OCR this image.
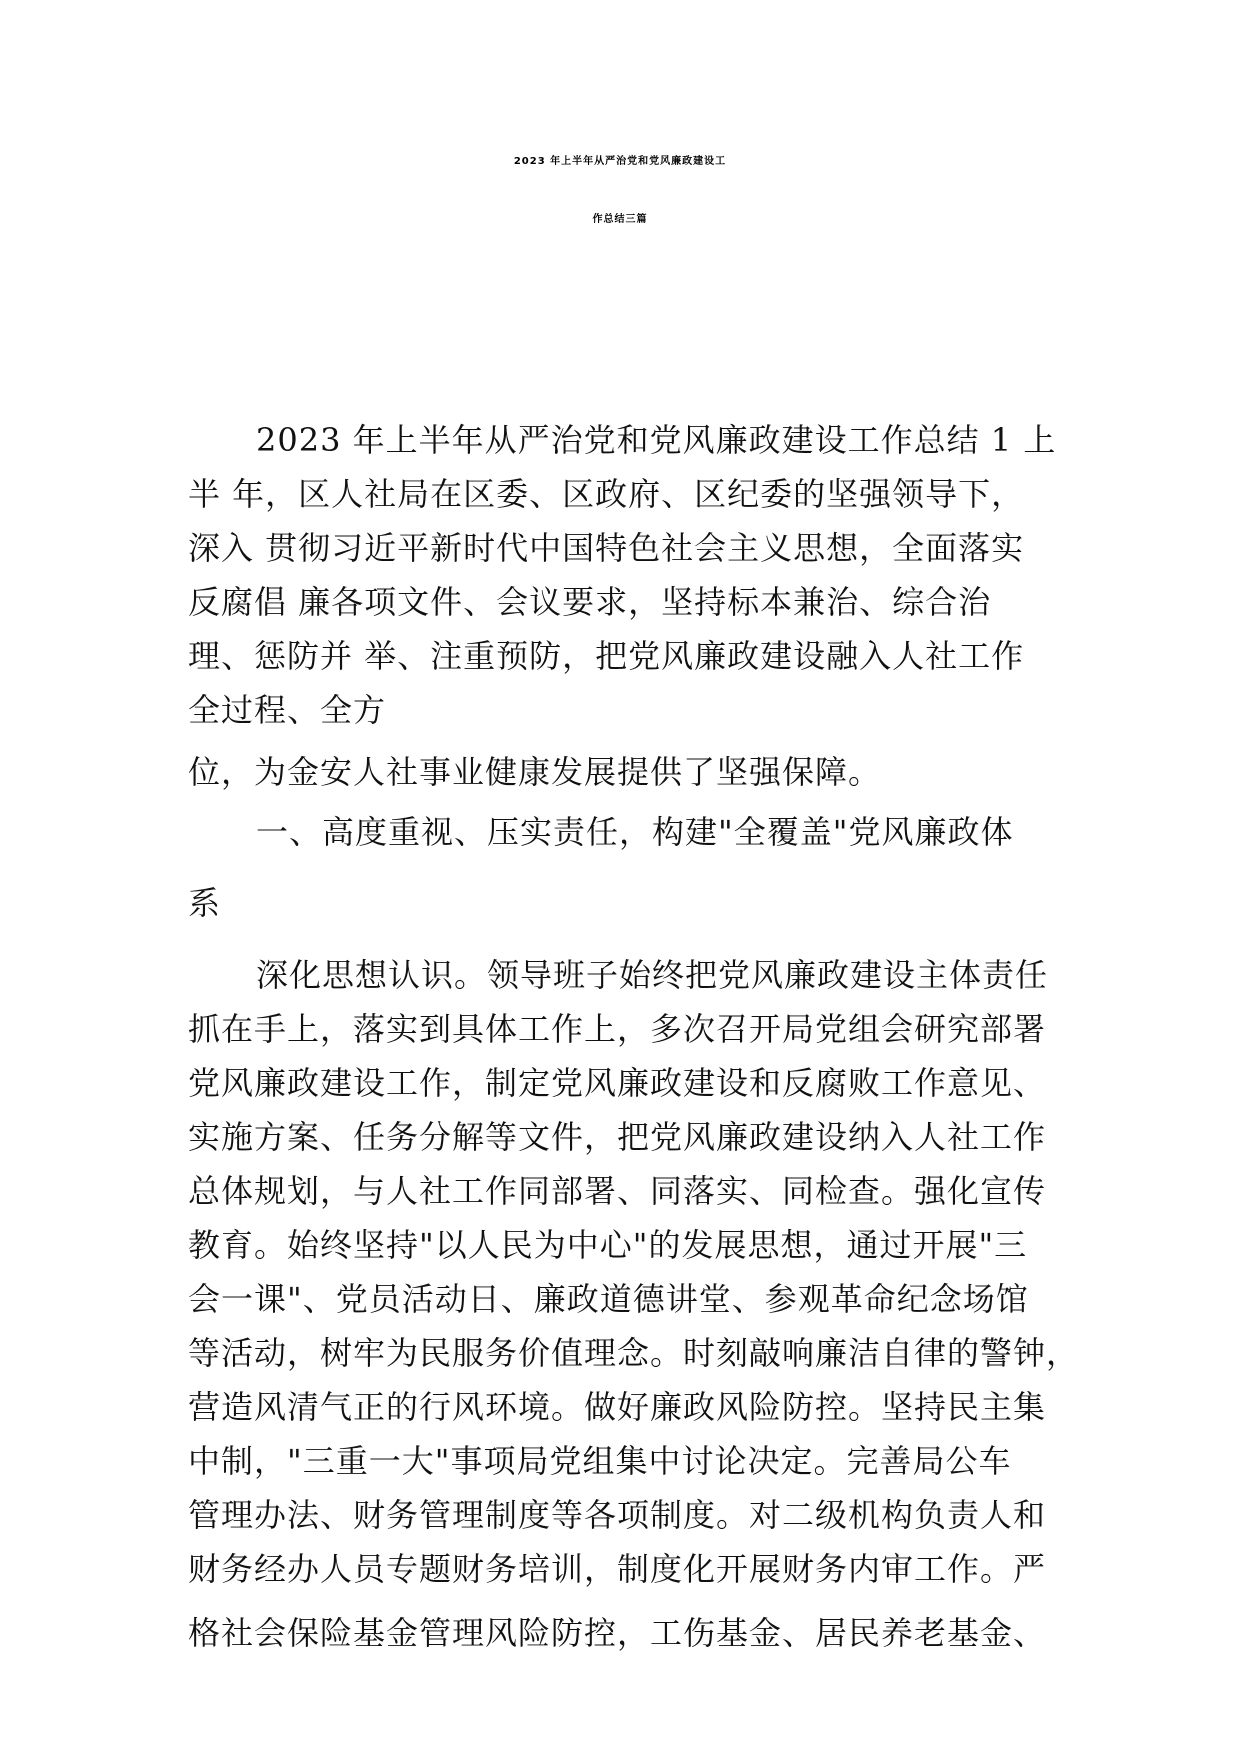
2023 年上半年从严治党和党风廉政建设工
作总结三篇
2023 年上半年从严治党和党风廉政建设工作总结 1 上
半 年，区人社局在区委、区政府、区纪委的坚强领导下，
深入 贯彻习近平新时代中国特色社会主义思想，全面落实
反腐倡 廉各项文件、会议要求，坚持标本兼治、综合治
理、惩防并 举、注重预防，把党风廉政建设融入人社工作
全过程、全方
位，为金安人社事业健康发展提供了坚强保障。
一、高度重视、压实责任，构建"全覆盖"党风廉政体
系
深化思想认识。领导班子始终把党风廉政建设主体责任
抓在手上，落实到具体工作上，多次召开局党组会研究部署
党风廉政建设工作，制定党风廉政建设和反腐败工作意见、
实施方案、任务分解等文件，把党风廉政建设纳入人社工作
总体规划，与人社工作同部署、同落实、同检查。强化宣传
教育。始终坚持"以人民为中心"的发展思想，通过开展"三
会一课"、党员活动日、廉政道德讲堂、参观革命纪念场馆
等活动，树牢为民服务价值理念。时刻敲响廉洁自律的警钟，
营造风清气正的行风环境。做好廉政风险防控。坚持民主集
中制，"三重一大"事项局党组集中讨论决定。完善局公车
管理办法、财务管理制度等各项制度。对二级机构负责人和
财务经办人员专题财务培训，制度化开展财务内审工作。严
格社会保险基金管理风险防控，工伤基金、居民养老基金、
